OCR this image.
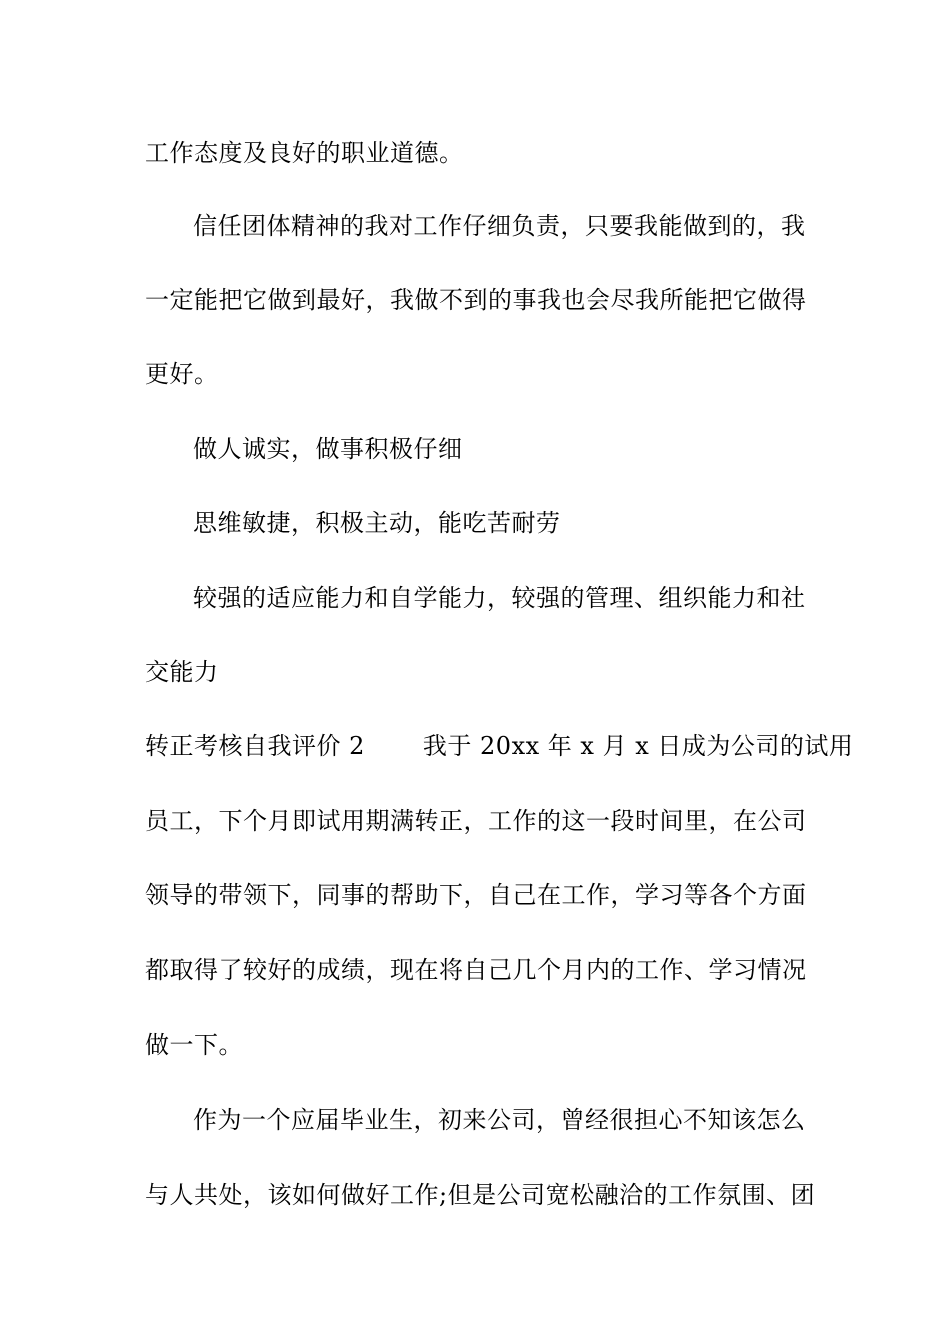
工作态度及良好的职业道德。
信任团体精神的我对工作仔细负责，只要我能做到的，我
一定能把它做到最好，我做不到的事我也会尽我所能把它做得
更好。
做人诚实，做事积极仔细
思维敏捷，积极主动，能吃苦耐劳
较强的适应能力和自学能力，较强的管理、组织能力和社
交能力
转正考核自我评价 2 我于 20xx 年 x 月 x 日成为公司的试用
员工，下个月即试用期满转正，工作的这一段时间里，在公司
领导的带领下，同事的帮助下，自己在工作，学习等各个方面
都取得了较好的成绩，现在将自己几个月内的工作、学习情况
做一下。
作为一个应届毕业生，初来公司，曾经很担心不知该怎么
与人共处，该如何做好工作;但是公司宽松融洽的工作氛围、团
